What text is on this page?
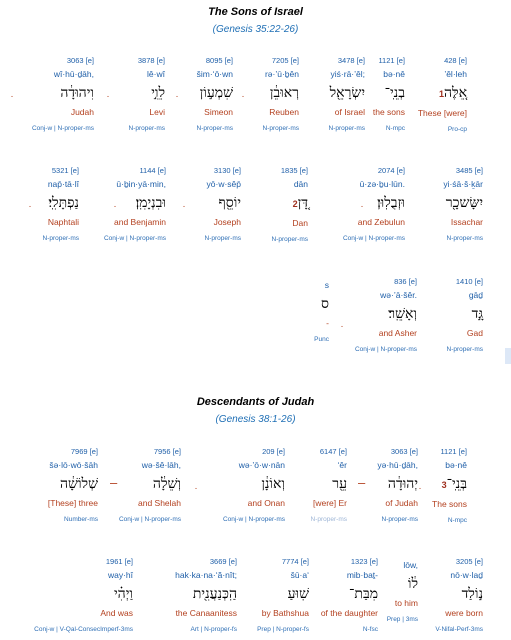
The Sons of Israel
(Genesis 35:22-26)
3063 [e]
wî·hū·ḏāh,
וִיהוּדָ֔ה
Judah
Conj-w | N-proper-ms
3878 [e]
lê·wî
לֵוִ֣י
Levi
N-proper-ms
8095 [e]
šim·‘ō·wn
שִׁמְע֣וֹן
Simeon
N-proper-ms
7205 [e]
rə·’ū·ḇên
רְאוּבֵ֔ן
Reuben
N-proper-ms
3478 [e]
yiś·rā·’êl;
יִשְׂרָאֵ֖ל
of Israel
N-proper-ms
1121 [e]
bə·nê
בְנֵֽי־
the sons
N-mpc
428 [e]
’êl·leh
אֵ֚לֶּה1
These [were]
Pro-cp
5321 [e]
nap̄·tā·lî
נַפְתָּלִֽי׃
Naphtali
N-proper-ms
1144 [e]
ū·ḇin·yā·min,
וּבִנְיָמִֽן׃
and Benjamin
Conj-w | N-proper-ms
3130 [e]
yō·w·sêp̄
יוֹסֵ֖ף
Joseph
N-proper-ms
1835 [e]
dān
דָּ֚ן2
Dan
N-proper-ms
2074 [e]
ū·zə·ḇu·lūn.
וּזְבֻלֽוּן׃
and Zebulun
Conj-w | N-proper-ms
3485 [e]
yi·śā·š·ḵār
יִשָּׂשכָ֖ר
Issachar
N-proper-ms
s
ס
-
Punc
836 [e]
wə·’ā·šêr.
וְאָשֵֽׁר׃
and Asher
Conj-w | N-proper-ms
1410 [e]
gāḏ
גָּ֣ד
Gad
N-proper-ms
Descendants of Judah
(Genesis 38:1-26)
7969 [e]
šə·lō·wō·šāh
שְׁלוֹשָׁ֔ה
[These] three
Number-ms
7956 [e]
wə·šê·lāh,
וְשֵׁלָ֔ה
and Shelah
Conj-w | N-proper-ms
209 [e]
wə·’ō·w·nān
וְאוֹנָ֔ן
and Onan
Conj-w | N-proper-ms
6147 [e]
‘êr
עֵ֖ר
[were] Er
N-proper-ms
3063 [e]
yə·hū·ḏāh,
יְהוּדָ֔ה
of Judah
N-proper-ms
1121 [e]
bə·nê
בְּנֵֽי־3
The sons
N-mpc
–	–
1961 [e]
way·hî
וַיְהִ֗י
And was
Conj-w | V-Qal-ConsecImperf-3ms
3669 [e]
hak·ka·na·‘ă·nît;
הַֽכְּנַעֲנִ֖ית
the Canaanitess
Art | N-proper-fs
7774 [e]
šū·a‘
שֽׁוּעַ
by Bathshua
Prep | N-proper-fs
1323 [e]
mib·baṯ-
מִבַּת־
of the daughter
N-fsc
lōw,
ל֔וֹ
to him
Prep | 3ms
3205 [e]
nō·w·laḏ
נ֣וֹלַד
were born
V-Nifal-Perf-3ms
